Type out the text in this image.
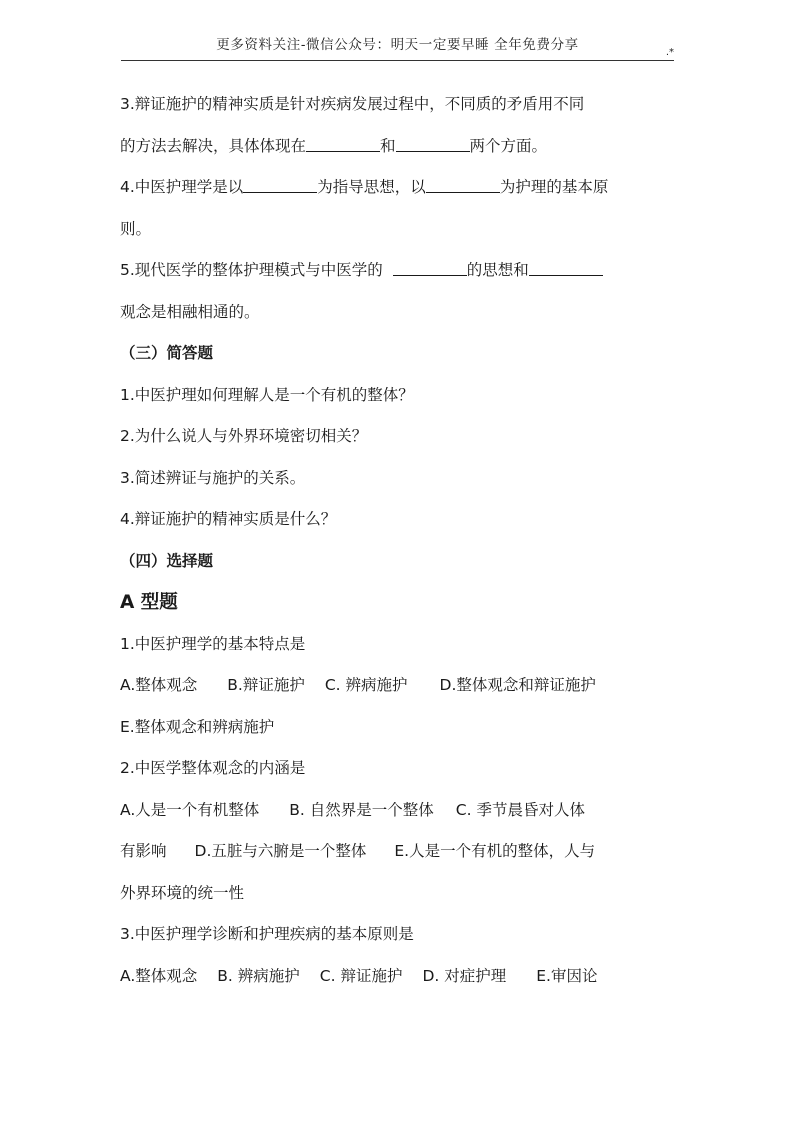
更多资料关注-微信公众号：明天一定要早睡 全年免费分享	.*
3.辩证施护的精神实质是针对疾病发展过程中，不同质的矛盾用不同
的方法去解决，具体体现在	和	两个方面。
4.中医护理学是以	为指导思想，以	为护理的基本原
则。
5.现代医学的整体护理模式与中医学的	的思想和
观念是相融相通的。
（三）简答题
1.中医护理如何理解人是一个有机的整体？
2.为什么说人与外界环境密切相关？
3.简述辨证与施护的关系。
4.辩证施护的精神实质是什么？
（四）选择题
A 型题
1.中医护理学的基本特点是
A.整体观念 B.辩证施护 C. 辨病施护 D.整体观念和辩证施护
E.整体观念和辨病施护
2.中医学整体观念的内涵是
A.人是一个有机整体 B. 自然界是一个整体 C. 季节晨昏对人体
有影响 D.五脏与六腑是一个整体 E.人是一个有机的整体，人与
外界环境的统一性
3.中医护理学诊断和护理疾病的基本原则是
A.整体观念 B. 辨病施护 C. 辩证施护 D. 对症护理 E.审因论
